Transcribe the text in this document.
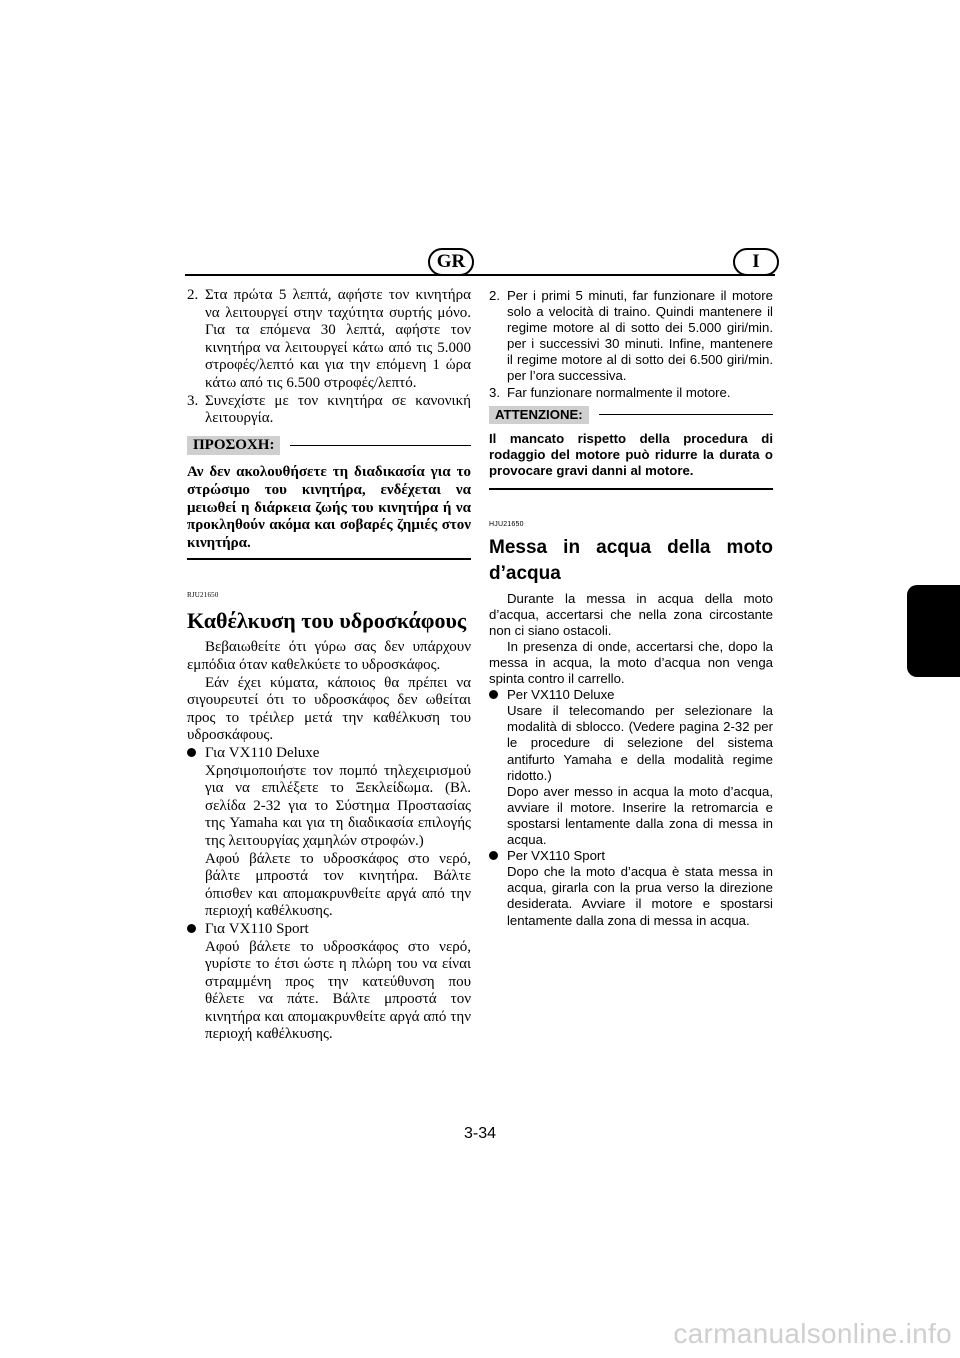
GR	I
2. Στα πρώτα 5 λεπτά, αφήστε τον κινητήρα να λειτουργεί στην ταχύτητα συρτής μόνο. Για τα επόμενα 30 λεπτά, αφήστε τον κινητήρα να λειτουργεί κάτω από τις 5.000 στροφές/λεπτό και για την επόμενη 1 ώρα κάτω από τις 6.500 στροφές/λεπτό.
3. Συνεχίστε με τον κινητήρα σε κανονική λειτουργία.
ΠΡΟΣΟΧΗ:
Αν δεν ακολουθήσετε τη διαδικασία για το στρώσιμο του κινητήρα, ενδέχεται να μειωθεί η διάρκεια ζωής του κινητήρα ή να προκληθούν ακόμα και σοβαρές ζημιές στον κινητήρα.
RJU21650
Καθέλκυση του υδροσκάφους
Βεβαιωθείτε ότι γύρω σας δεν υπάρχουν εμπόδια όταν καθελκύετε το υδροσκάφος.
Εάν έχει κύματα, κάποιος θα πρέπει να σιγουρευτεί ότι το υδροσκάφος δεν ωθείται προς το τρέιλερ μετά την καθέλκυση του υδροσκάφους.
Για VX110 Deluxe
Χρησιμοποιήστε τον πομπό τηλεχειρισμού για να επιλέξετε το Ξεκλείδωμα. (Βλ. σελίδα 2-32 για το Σύστημα Προστασίας της Yamaha και για τη διαδικασία επιλογής της λειτουργίας χαμηλών στροφών.)
Αφού βάλετε το υδροσκάφος στο νερό, βάλτε μπροστά τον κινητήρα. Βάλτε όπισθεν και απομακρυνθείτε αργά από την περιοχή καθέλκυσης.
Για VX110 Sport
Αφού βάλετε το υδροσκάφος στο νερό, γυρίστε το έτσι ώστε η πλώρη του να είναι στραμμένη προς την κατεύθυνση που θέλετε να πάτε. Βάλτε μπροστά τον κινητήρα και απομακρυνθείτε αργά από την περιοχή καθέλκυσης.
2. Per i primi 5 minuti, far funzionare il motore solo a velocità di traino. Quindi mantenere il regime motore al di sotto dei 5.000 giri/min. per i successivi 30 minuti. Infine, mantenere il regime motore al di sotto dei 6.500 giri/min. per l’ora successiva.
3. Far funzionare normalmente il motore.
ATTENZIONE:
Il mancato rispetto della procedura di rodaggio del motore può ridurre la durata o provocare gravi danni al motore.
HJU21650
Messa in acqua della moto d’acqua
Durante la messa in acqua della moto d’acqua, accertarsi che nella zona circostante non ci siano ostacoli.
In presenza di onde, accertarsi che, dopo la messa in acqua, la moto d’acqua non venga spinta contro il carrello.
Per VX110 Deluxe
Usare il telecomando per selezionare la modalità di sblocco. (Vedere pagina 2-32 per le procedure di selezione del sistema antifurto Yamaha e della modalità regime ridotto.)
Dopo aver messo in acqua la moto d’acqua, avviare il motore. Inserire la retromarcia e spostarsi lentamente dalla zona di messa in acqua.
Per VX110 Sport
Dopo che la moto d’acqua è stata messa in acqua, girarla con la prua verso la direzione desiderata. Avviare il motore e spostarsi lentamente dalla zona di messa in acqua.
3-34
carmanualsonline.info
